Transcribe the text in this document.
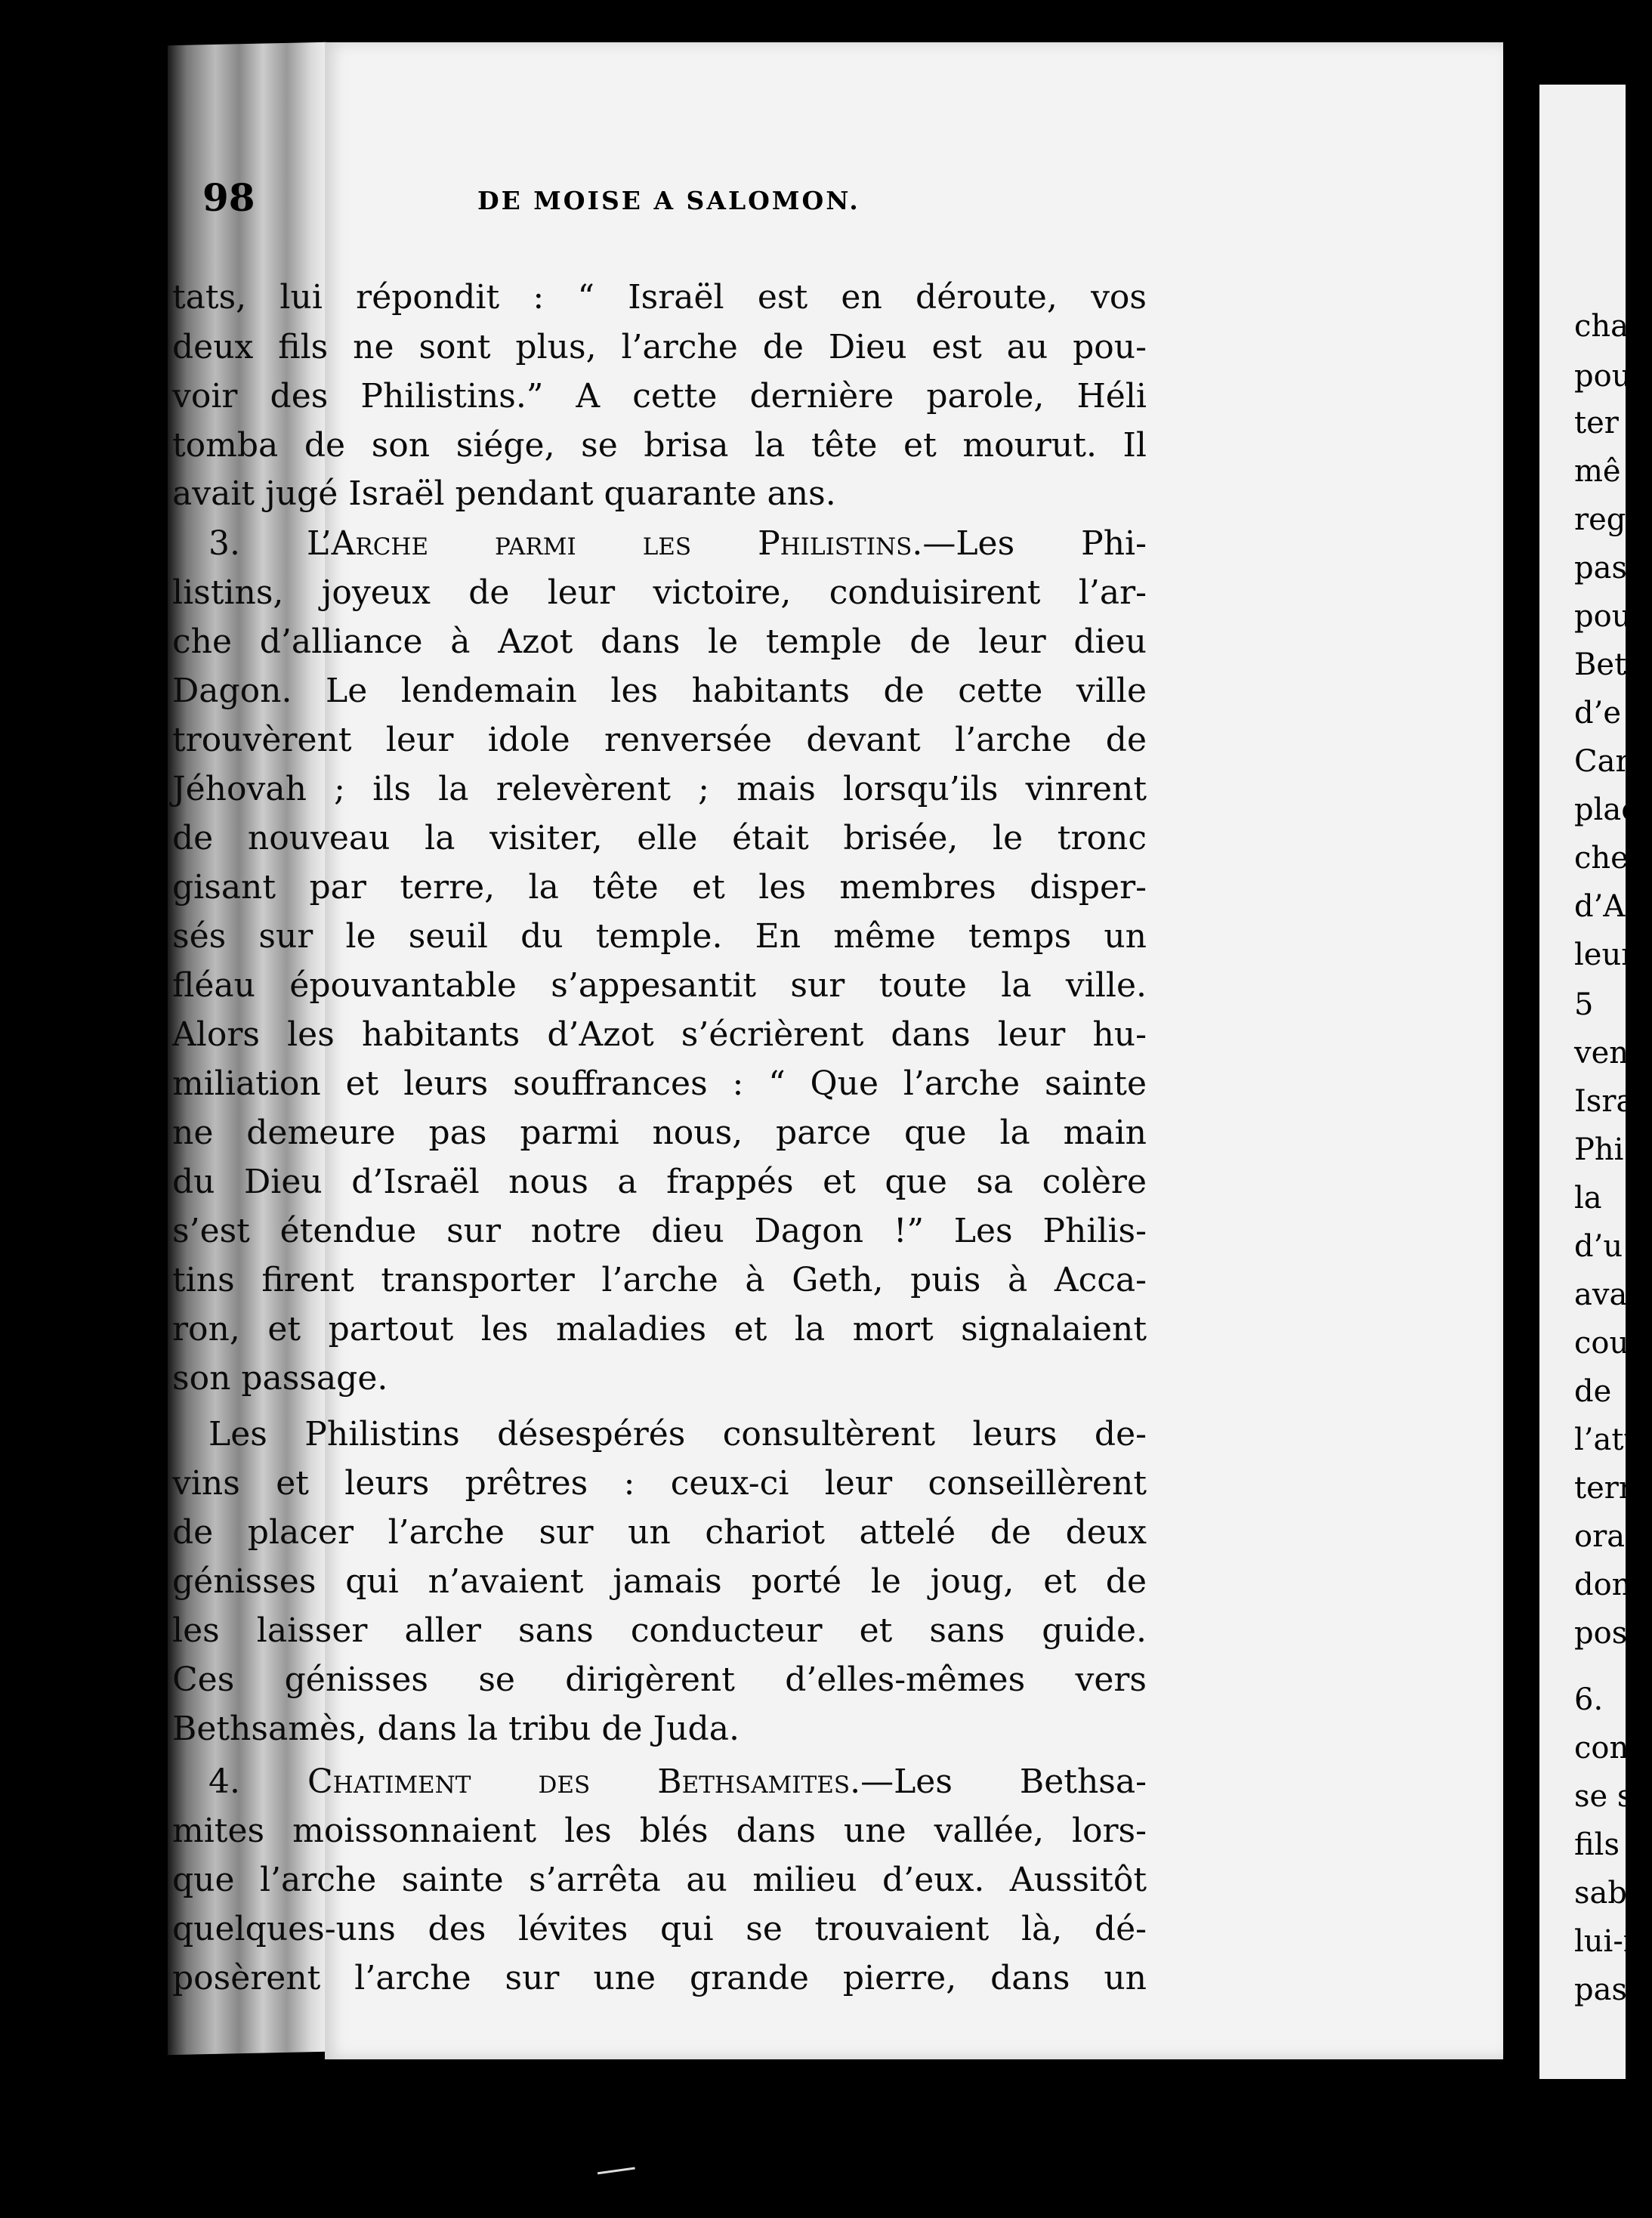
98	DE MOISE A SALOMON.
tats, lui répondit : “ Israël est en déroute, vos
deux fils ne sont plus, l’arche de Dieu est au pou-
voir des Philistins.” A cette dernière parole, Héli
tomba de son siége, se brisa la tête et mourut. Il
avait jugé Israël pendant quarante ans.
3. L’Arche parmi les Philistins.—Les Phi-
listins, joyeux de leur victoire, conduisirent l’ar-
che d’alliance à Azot dans le temple de leur dieu
Dagon. Le lendemain les habitants de cette ville
trouvèrent leur idole renversée devant l’arche de
Jéhovah ; ils la relevèrent ; mais lorsqu’ils vinrent
de nouveau la visiter, elle était brisée, le tronc
gisant par terre, la tête et les membres disper-
sés sur le seuil du temple. En même temps un
fléau épouvantable s’appesantit sur toute la ville.
Alors les habitants d’Azot s’écrièrent dans leur hu-
miliation et leurs souffrances : “ Que l’arche sainte
ne demeure pas parmi nous, parce que la main
du Dieu d’Israël nous a frappés et que sa colère
s’est étendue sur notre dieu Dagon !” Les Philis-
tins firent transporter l’arche à Geth, puis à Acca-
ron, et partout les maladies et la mort signalaient
son passage.
Les Philistins désespérés consultèrent leurs de-
vins et leurs prêtres : ceux-ci leur conseillèrent
de placer l’arche sur un chariot attelé de deux
génisses qui n’avaient jamais porté le joug, et de
les laisser aller sans conducteur et sans guide.
Ces génisses se dirigèrent d’elles-mêmes vers
Bethsamès, dans la tribu de Juda.
4. Chatiment des Bethsamites.—Les Bethsa-
mites moissonnaient les blés dans une vallée, lors-
que l’arche sainte s’arrêta au milieu d’eux. Aussitôt
quelques-uns des lévites qui se trouvaient là, dé-
posèrent l’arche sur une grande pierre, dans un
cha
pou
ter
mê
reg
pas
pou
Bet
d’e
Car
plac
che
d’A
leur
5
ven
Isra
Phi
la
d’u
avai
cour
de
l’att
terr
orag
donn
poss
6.
cont
se s
fils
sabé
lui-m
pas l
